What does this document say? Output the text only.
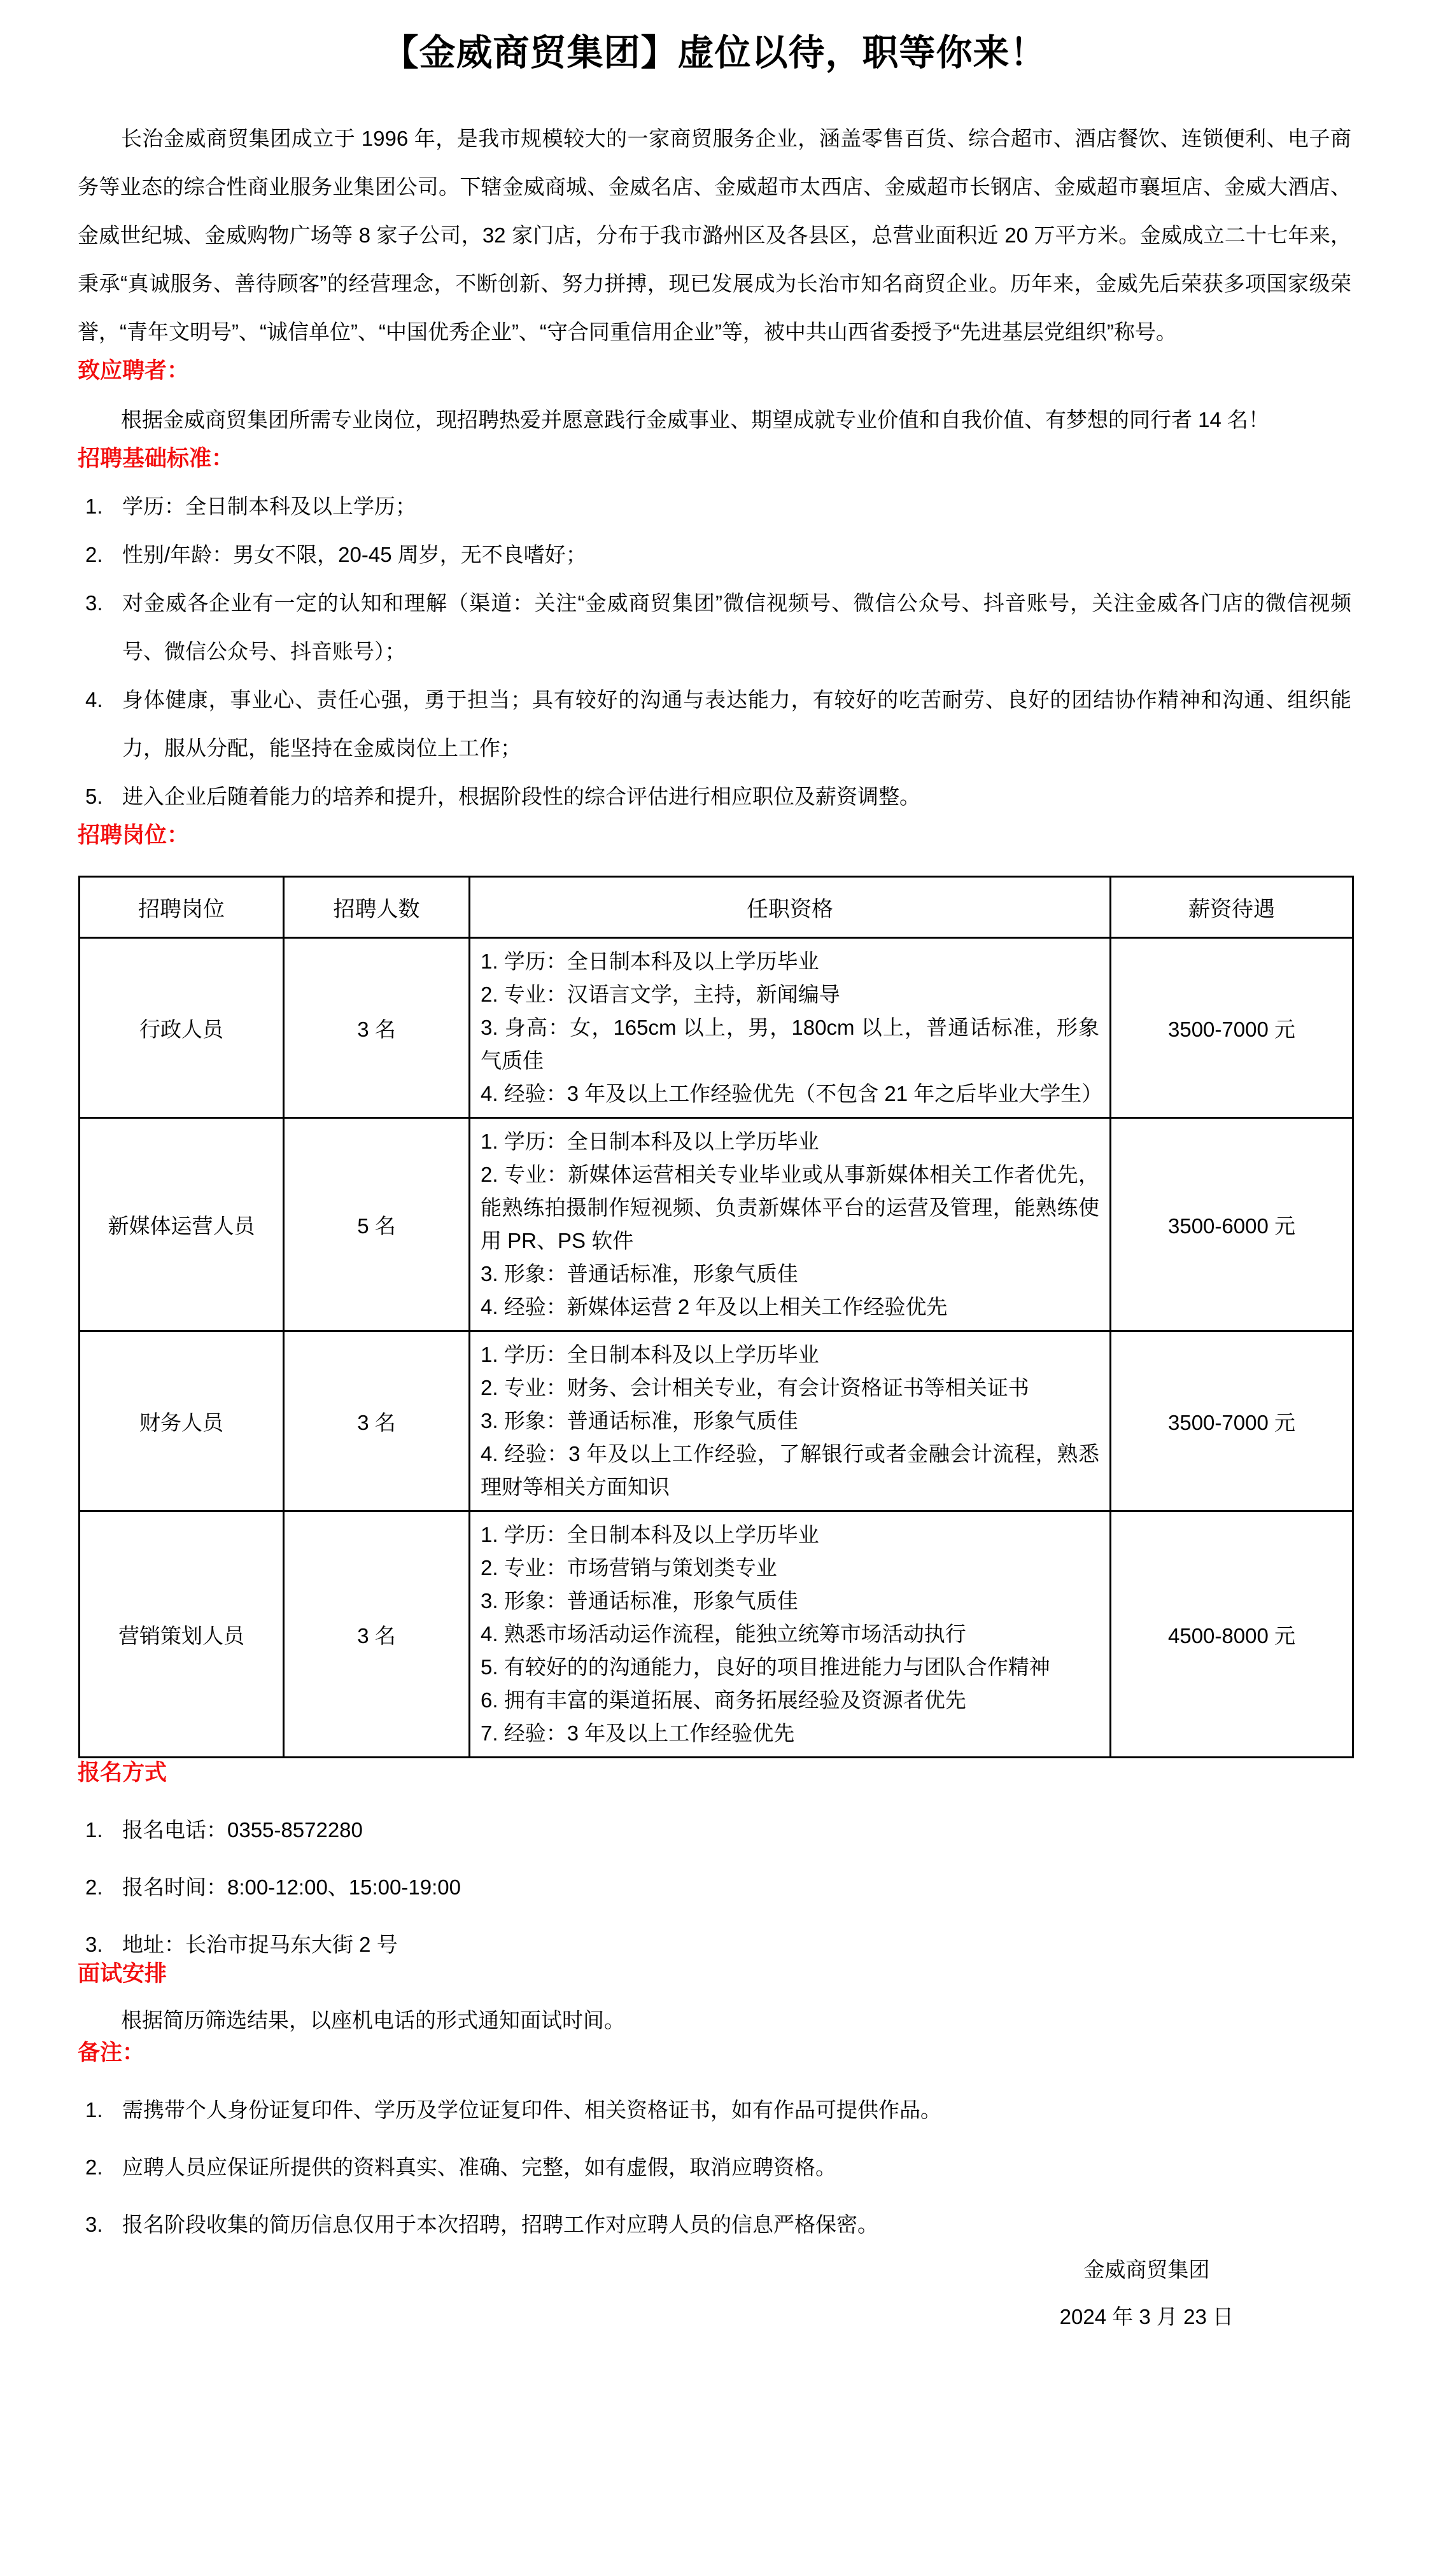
【金威商贸集团】虚位以待，职等你来！

长治金威商贸集团成立于 1996 年，是我市规模较大的一家商贸服务企业，涵盖零售百货、综合超市、酒店餐饮、连锁便利、电子商务等业态的综合性商业服务业集团公司。下辖金威商城、金威名店、金威超市太西店、金威超市长钢店、金威超市襄垣店、金威大酒店、金威世纪城、金威购物广场等 8 家子公司，32 家门店，分布于我市潞州区及各县区，总营业面积近 20 万平方米。金威成立二十七年来，秉承“真诚服务、善待顾客”的经营理念，不断创新、努力拼搏，现已发展成为长治市知名商贸企业。历年来，金威先后荣获多项国家级荣誉，“青年文明号”、“诚信单位”、“中国优秀企业”、“守合同重信用企业”等，被中共山西省委授予“先进基层党组织”称号。

致应聘者：

根据金威商贸集团所需专业岗位，现招聘热爱并愿意践行金威事业、期望成就专业价值和自我价值、有梦想的同行者 14 名！

招聘基础标准：
学历：全日制本科及以上学历；
性别/年龄：男女不限，20-45 周岁，无不良嗜好；
对金威各企业有一定的认知和理解（渠道：关注“金威商贸集团”微信视频号、微信公众号、抖音账号，关注金威各门店的微信视频号、微信公众号、抖音账号）；
身体健康，事业心、责任心强，勇于担当；具有较好的沟通与表达能力，有较好的吃苦耐劳、良好的团结协作精神和沟通、组织能力，服从分配，能坚持在金威岗位上工作；
进入企业后随着能力的培养和提升，根据阶段性的综合评估进行相应职位及薪资调整。
招聘岗位：
招聘岗位	招聘人数	任职资格	薪资待遇
行政人员	3 名	1. 学历：全日制本科及以上学历毕业
2. 专业：汉语言文学，主持，新闻编导
3. 身高：女，165cm 以上，男，180cm 以上，普通话标准，形象气质佳
4. 经验：3 年及以上工作经验优先（不包含 21 年之后毕业大学生）	3500-7000 元
新媒体运营人员	5 名	1. 学历：全日制本科及以上学历毕业
2. 专业：新媒体运营相关专业毕业或从事新媒体相关工作者优先，能熟练拍摄制作短视频、负责新媒体平台的运营及管理，能熟练使用 PR、PS 软件
3. 形象：普通话标准，形象气质佳
4. 经验：新媒体运营 2 年及以上相关工作经验优先	3500-6000 元
财务人员	3 名	1. 学历：全日制本科及以上学历毕业
2. 专业：财务、会计相关专业，有会计资格证书等相关证书
3. 形象：普通话标准，形象气质佳
4. 经验：3 年及以上工作经验，了解银行或者金融会计流程，熟悉理财等相关方面知识	3500-7000 元
营销策划人员	3 名	
1. 学历：全日制本科及以上学历毕业
2. 专业：市场营销与策划类专业
3. 形象：普通话标准，形象气质佳
4. 熟悉市场活动运作流程，能独立统筹市场活动执行
5. 有较好的的沟通能力，良好的项目推进能力与团队合作精神
6. 拥有丰富的渠道拓展、商务拓展经验及资源者优先
7. 经验：3 年及以上工作经验优先
	4500-8000 元
报名方式
报名电话：0355-8572280
报名时间：8:00-12:00、15:00-19:00
地址：长治市捉马东大街 2 号
面试安排

根据简历筛选结果，以座机电话的形式通知面试时间。

备注：
需携带个人身份证复印件、学历及学位证复印件、相关资格证书，如有作品可提供作品。
应聘人员应保证所提供的资料真实、准确、完整，如有虚假，取消应聘资格。
报名阶段收集的简历信息仅用于本次招聘，招聘工作对应聘人员的信息严格保密。
金威商贸集团
2024 年 3 月 23 日
